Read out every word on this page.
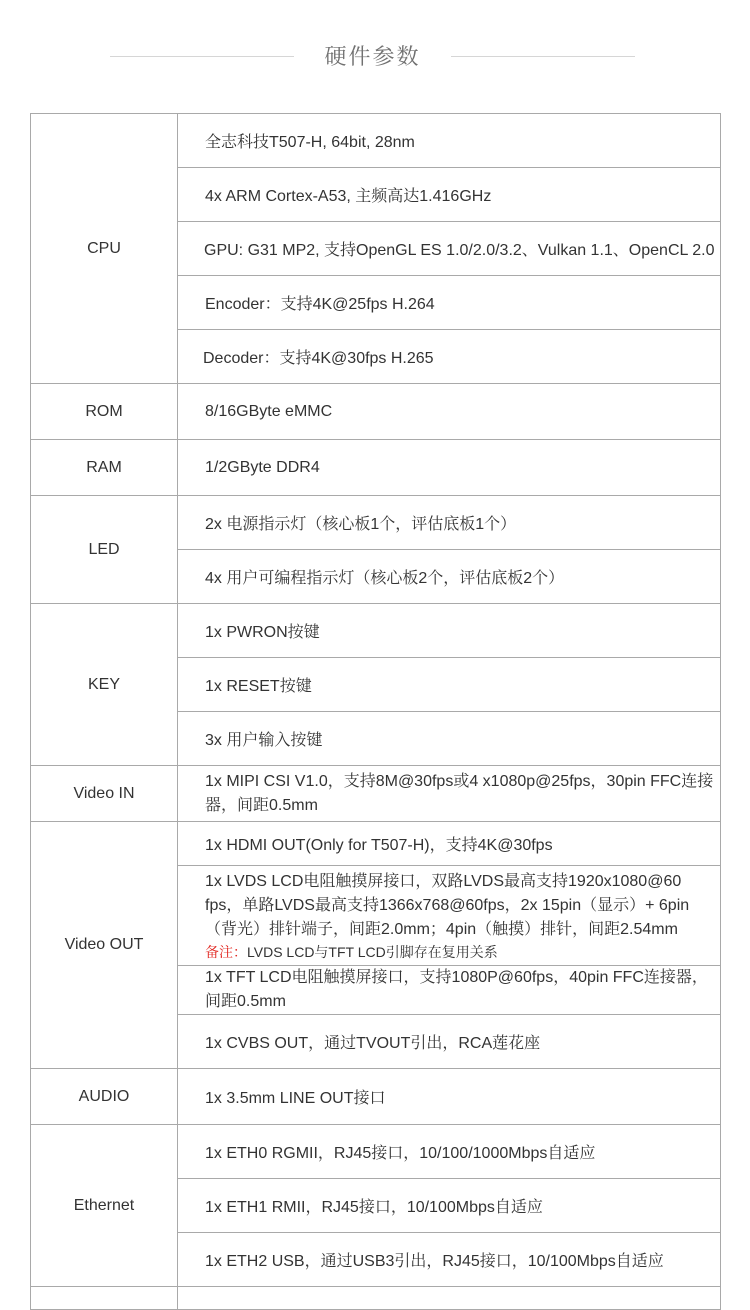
硬件参数
CPU	全志科技T507-H, 64bit, 28nm
	4x ARM Cortex-A53, 主频高达1.416GHz
	GPU: G31 MP2, 支持OpenGL ES 1.0/2.0/3.2、Vulkan 1.1、OpenCL 2.0
	Encoder：支持4K@25fps H.264
	Decoder：支持4K@30fps H.265
ROM	8/16GByte eMMC
RAM	1/2GByte DDR4
LED	2x 电源指示灯（核心板1个，评估底板1个）
	4x 用户可编程指示灯（核心板2个，评估底板2个）
KEY	1x PWRON按键
	1x RESET按键
	3x 用户输入按键
Video IN	1x MIPI CSI V1.0，支持8M@30fps或4 x1080p@25fps，30pin FFC连接器，间距0.5mm
Video OUT	1x HDMI OUT(Only for T507-H)，支持4K@30fps

	1x LVDS LCD电阻触摸屏接口，双路LVDS最高支持1920x1080@60 fps，单路LVDS最高支持1366x768@60fps，2x 15pin（显示）+ 6pin（背光）排针端子，间距2.0mm；4pin（触摸）排针，间距2.54mm
备注：LVDS LCD与TFT LCD引脚存在复用关系

	1x TFT LCD电阻触摸屏接口，支持1080P@60fps，40pin FFC连接器，间距0.5mm
	1x CVBS OUT，通过TVOUT引出，RCA莲花座
AUDIO	1x 3.5mm LINE OUT接口
Ethernet	1x ETH0 RGMII，RJ45接口，10/100/1000Mbps自适应
	1x ETH1 RMII，RJ45接口，10/100Mbps自适应
	1x ETH2 USB，通过USB3引出，RJ45接口，10/100Mbps自适应
